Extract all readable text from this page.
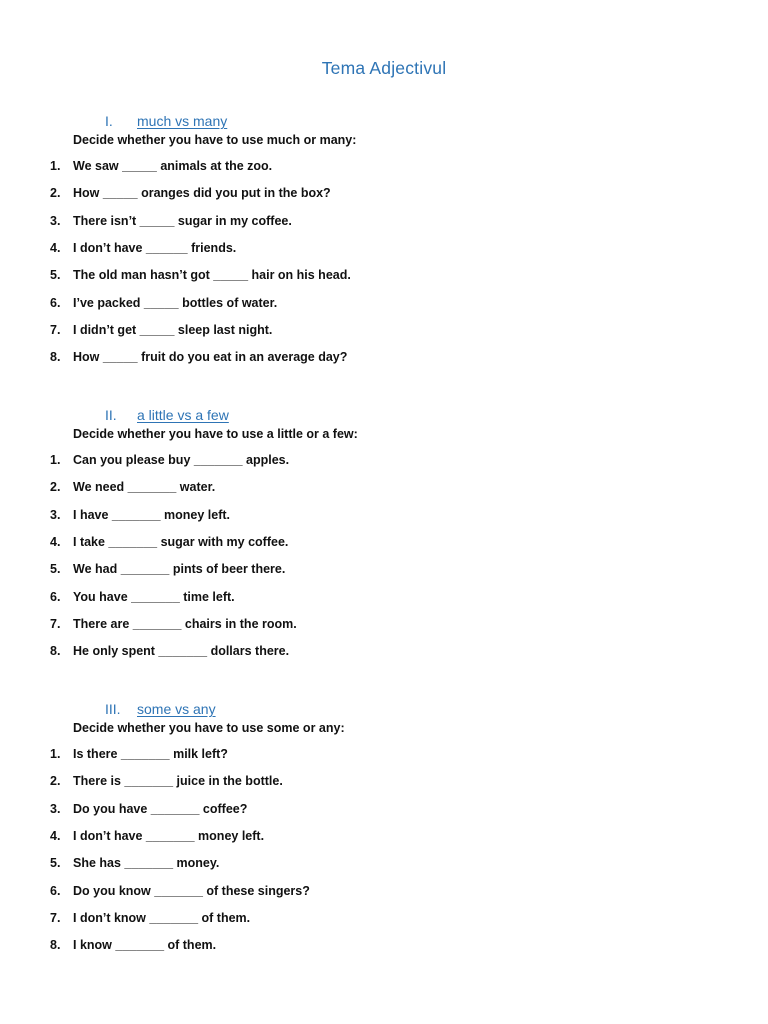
Tema Adjectivul
I. much vs many
Decide whether you have to use much or many:
1. We saw _____ animals at the zoo.
2. How _____ oranges did you put in the box?
3. There isn’t _____ sugar in my coffee.
4. I don’t have ______ friends.
5. The old man hasn’t got _____ hair on his head.
6. I’ve packed _____ bottles of water.
7. I didn’t get _____ sleep last night.
8. How _____ fruit do you eat in an average day?
II. a little vs a few
Decide whether you have to use a little or a few:
1. Can you please buy _______ apples.
2. We need _______ water.
3. I have _______ money left.
4. I take _______ sugar with my coffee.
5. We had _______ pints of beer there.
6. You have _______ time left.
7. There are _______ chairs in the room.
8. He only spent _______ dollars there.
III. some vs any
Decide whether you have to use some or any:
1. Is there _______ milk left?
2. There is _______ juice in the bottle.
3. Do you have _______ coffee?
4. I don’t have _______ money left.
5. She has _______ money.
6. Do you know _______ of these singers?
7. I don’t know _______ of them.
8. I know _______ of them.
